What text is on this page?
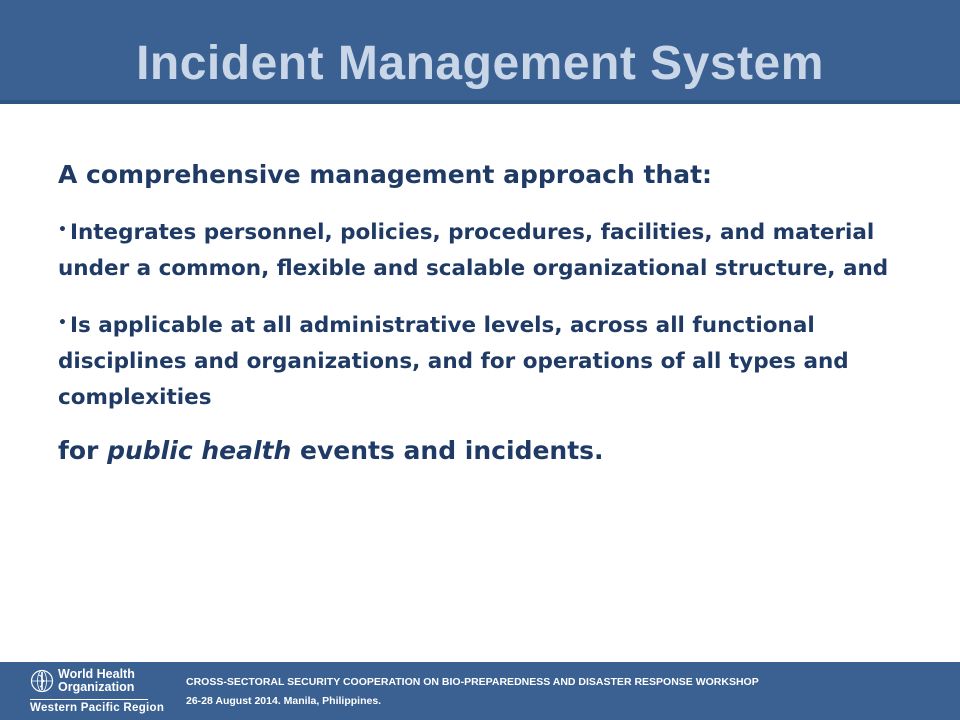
Incident Management System

A comprehensive management approach that:

• Integrates personnel, policies, procedures, facilities, and material under a common, flexible and scalable organizational structure, and

• Is applicable at all administrative levels, across all functional disciplines and organizations, and for operations of all types and complexities

for public health events and incidents.

World Health
Organization
Western Pacific Region
CROSS-SECTORAL SECURITY COOPERATION ON BIO-PREPAREDNESS AND DISASTER RESPONSE WORKSHOP
26-28 August 2014. Manila, Philippines.
